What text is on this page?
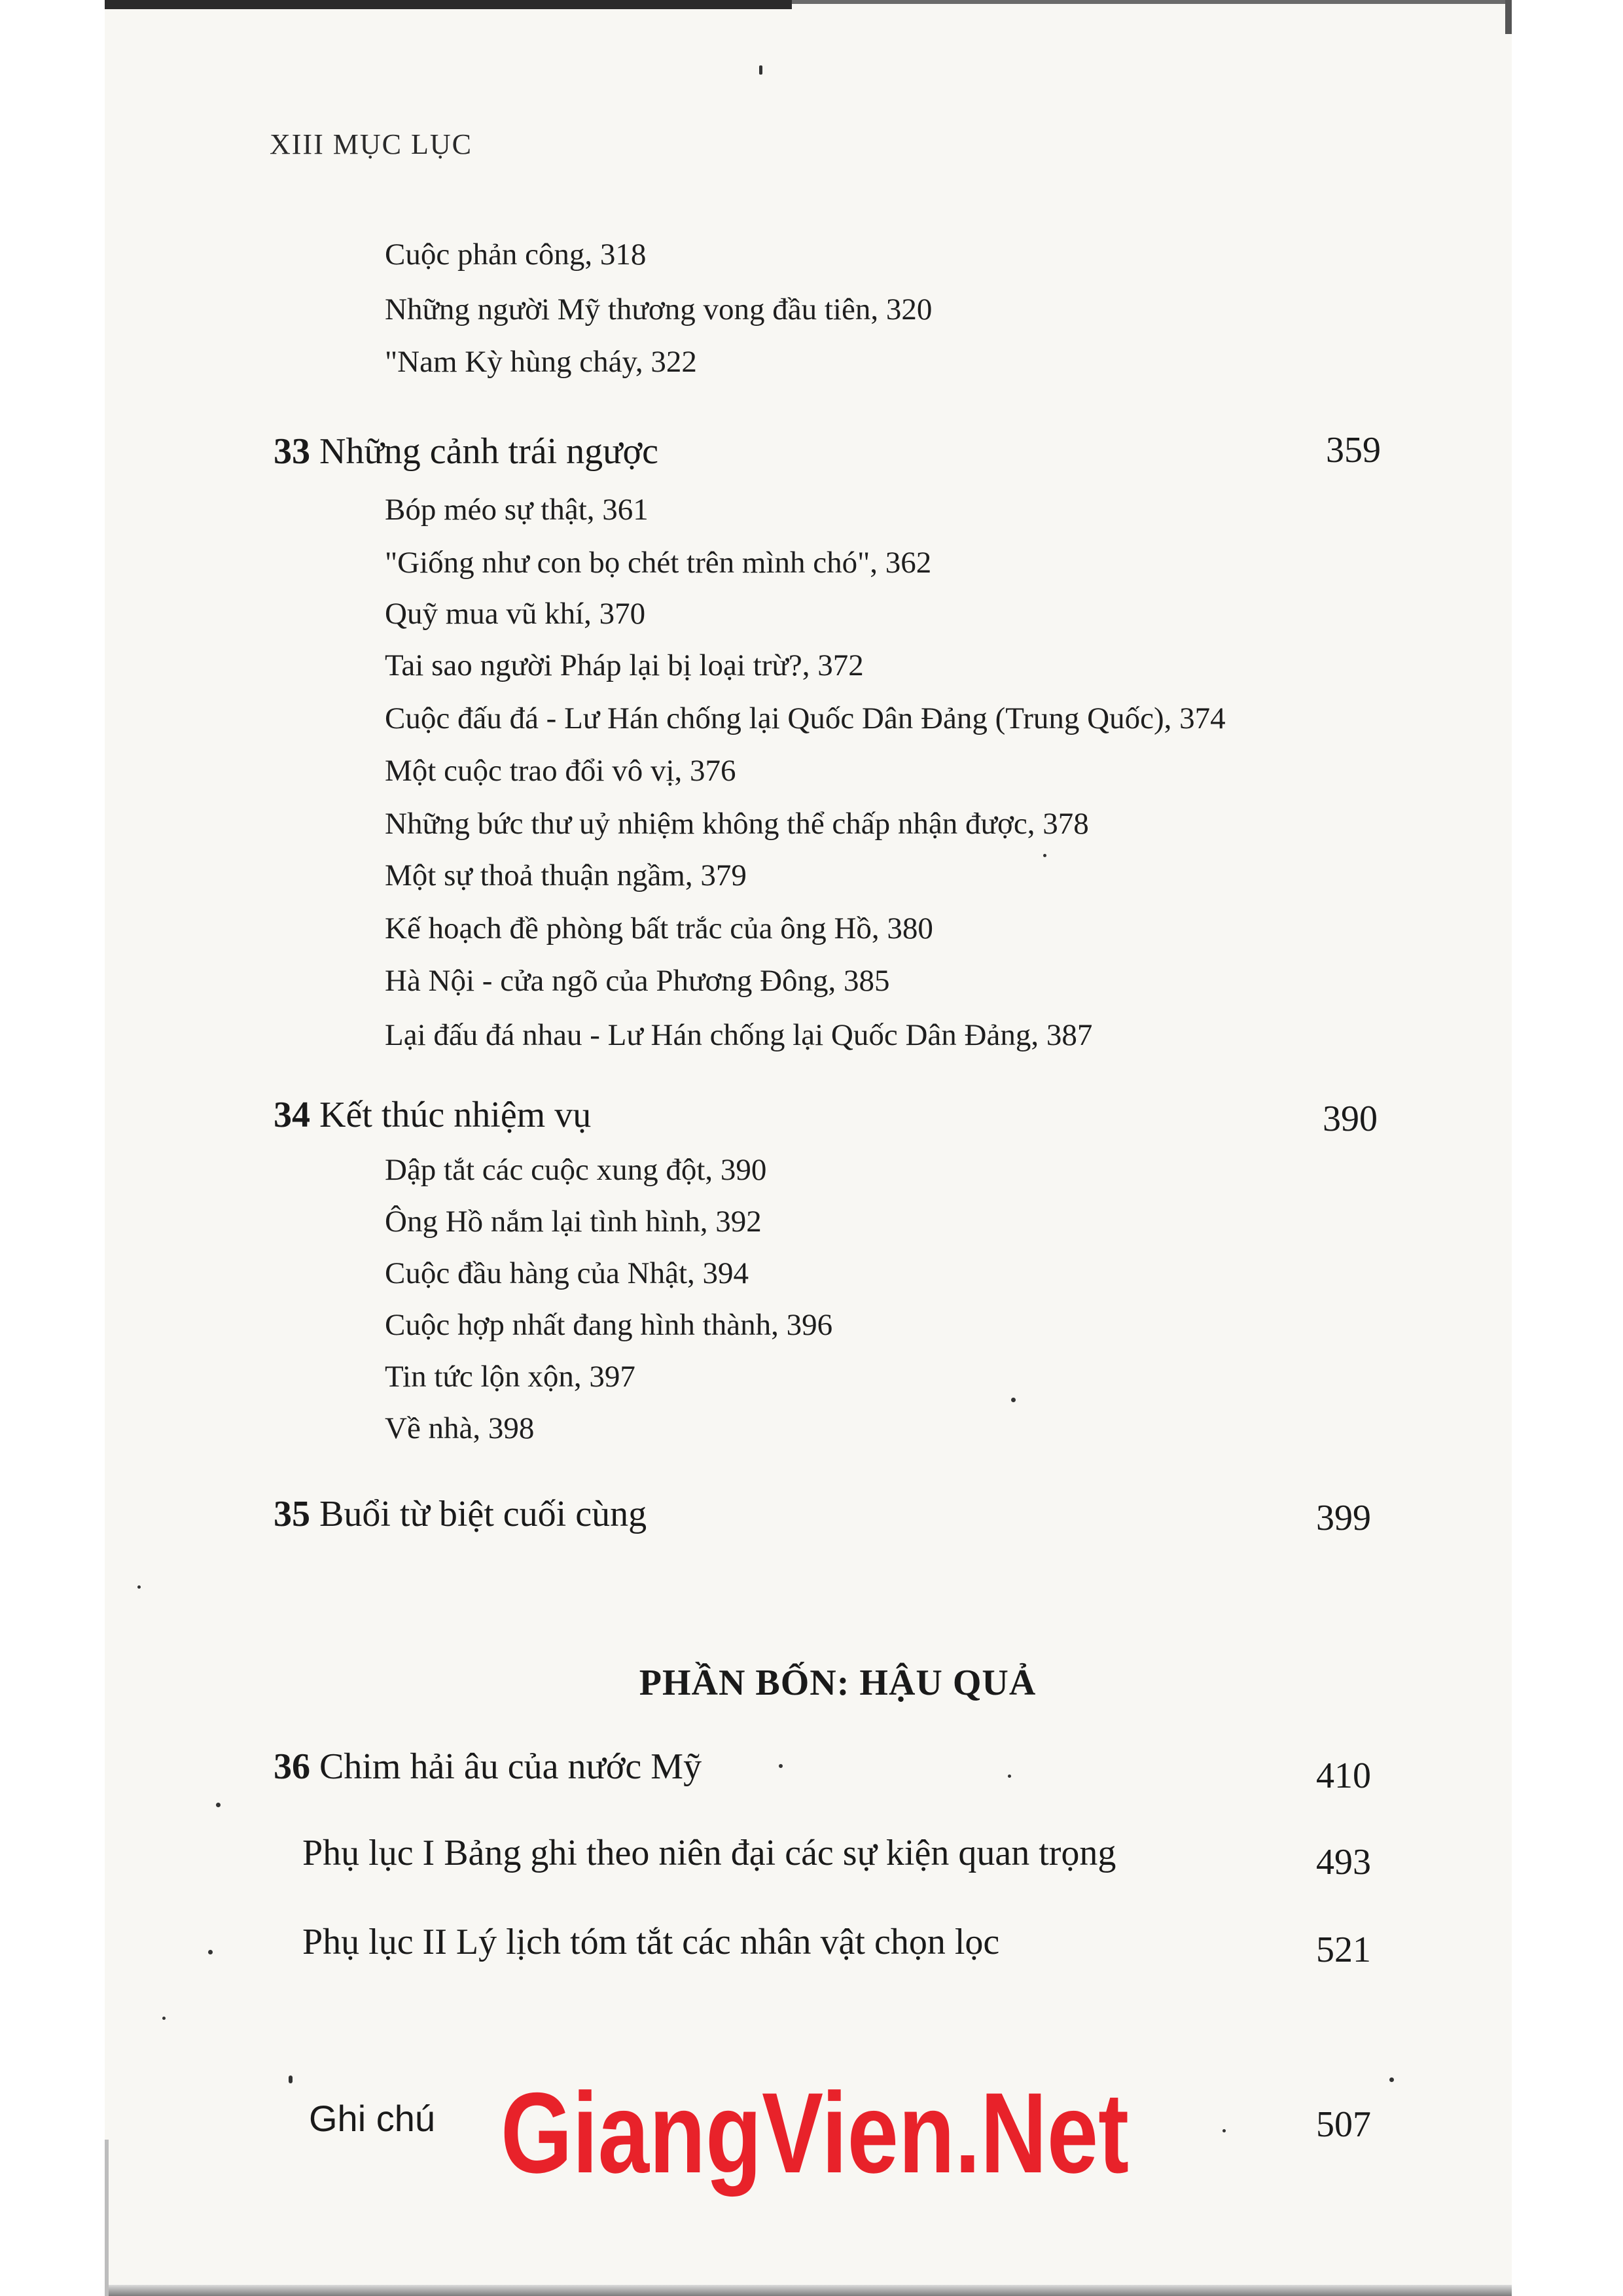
XIII MỤC LỤC
Cuộc phản công, 318
Những người Mỹ thương vong đầu tiên, 320
"Nam Kỳ hùng cháy, 322
33 Những cảnh trái ngược	359
Bóp méo sự thật, 361
"Giống như con bọ chét trên mình chó", 362
Quỹ mua vũ khí, 370
Tai sao người Pháp lại bị loại trừ?, 372
Cuộc đấu đá - Lư Hán chống lại Quốc Dân Đảng (Trung Quốc), 374
Một cuộc trao đổi vô vị, 376
Những bức thư uỷ nhiệm không thể chấp nhận được, 378
Một sự thoả thuận ngầm, 379
Kế hoạch đề phòng bất trắc của ông Hồ, 380
Hà Nội - cửa ngõ của Phương Đông, 385
Lại đấu đá nhau - Lư Hán chống lại Quốc Dân Đảng, 387
34 Kết thúc nhiệm vụ	390
Dập tắt các cuộc xung đột, 390
Ông Hồ nắm lại tình hình, 392
Cuộc đầu hàng của Nhật, 394
Cuộc hợp nhất đang hình thành, 396
Tin tức lộn xộn, 397
Về nhà, 398
35 Buổi từ biệt cuối cùng	399
PHẦN BỐN: HẬU QUẢ
36 Chim hải âu của nước Mỹ	410
Phụ lục I Bảng ghi theo niên đại các sự kiện quan trọng	493
Phụ lục II Lý lịch tóm tắt các nhân vật chọn lọc	521
Ghi chú	507
GiangVien.Net
